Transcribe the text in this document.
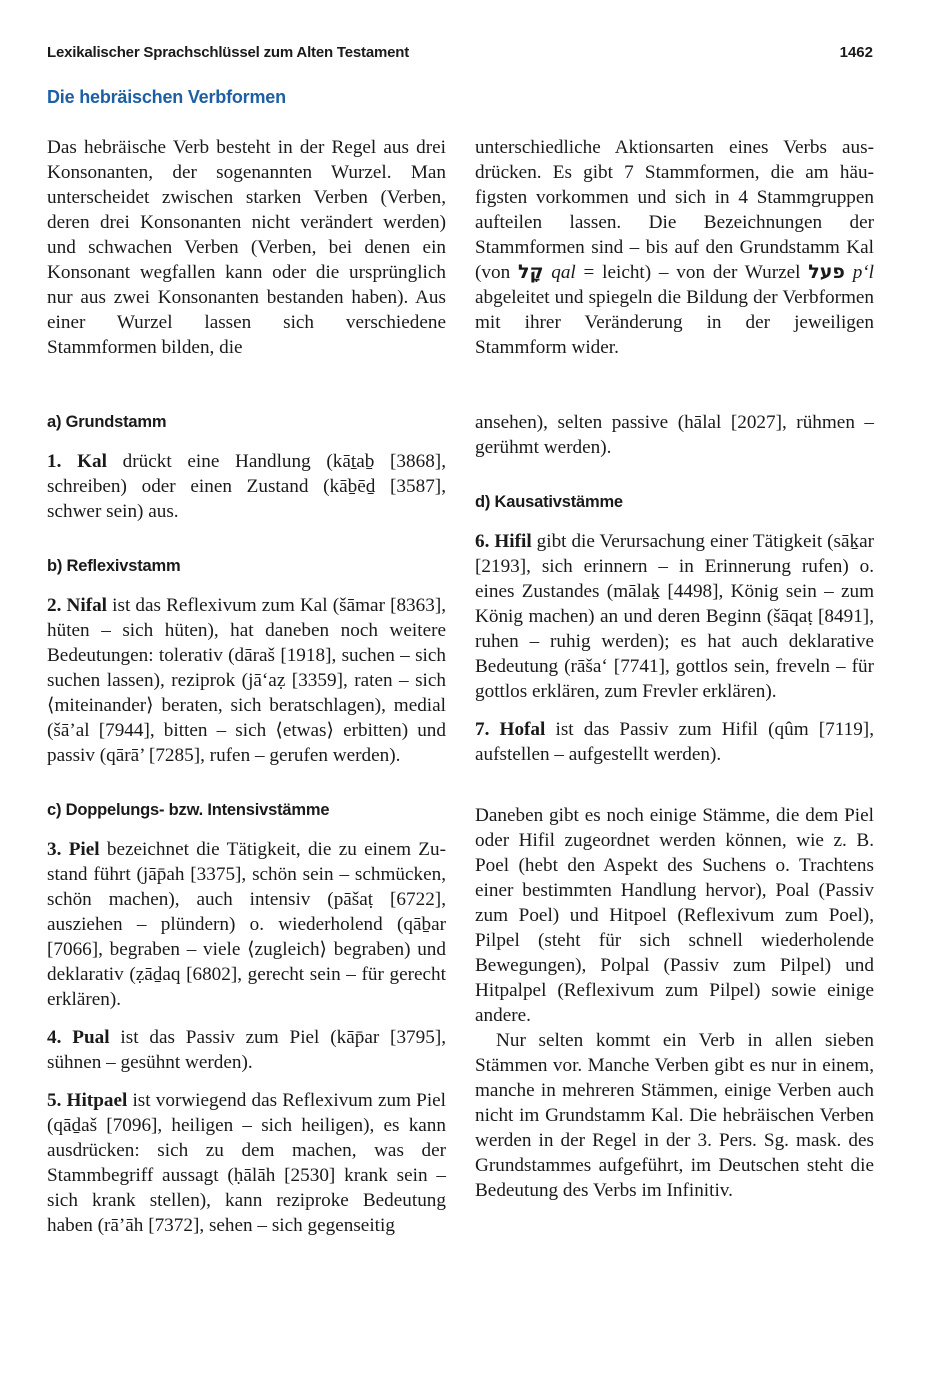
Lexikalischer Sprachschlüssel zum Alten Testament	1462
Die hebräischen Verbformen

Das hebräische Verb besteht in der Regel aus drei Konsonanten, der sogenannten Wurzel. Man unterscheidet zwischen starken Verben (Verben, deren drei Konsonanten nicht verändert werden) und schwachen Verben (Verben, bei denen ein Konsonant wegfallen kann oder die ursprünglich nur aus zwei Konsonanten bestanden haben). Aus einer Wurzel lassen sich verschiedene Stammformen bilden, die

unterschiedliche Aktionsarten eines Verbs ausdrücken. Es gibt 7 Stammformen, die am häufigsten vorkommen und sich in 4 Stammgruppen aufteilen lassen. Die Bezeichnungen der Stammformen sind – bis auf den Grundstamm Kal (von קָל qal = leicht) – von der Wurzel פעל p‘l abgeleitet und spiegeln die Bildung der Verbformen mit ihrer Veränderung in der jeweiligen Stammform wider.

a) Grundstamm

1. Kal drückt eine Handlung (kāṯaḇ [3868], schreiben) oder einen Zustand (kāḇēḏ [3587], schwer sein) aus.

b) Reflexivstamm

2. Nifal ist das Reflexivum zum Kal (šāmar [8363], hüten – sich hüten), hat daneben noch weitere Bedeutungen: tolerativ (dāraš [1918], suchen – sich suchen lassen), reziprok (jā‘aẓ [3359], raten – sich ⟨miteinander⟩ beraten, sich beratschlagen), medial (šā’al [7944], bitten – sich ⟨etwas⟩ erbitten) und passiv (qārā’ [7285], rufen – gerufen werden).

c) Doppelungs- bzw. Intensivstämme

3. Piel bezeichnet die Tätigkeit, die zu einem Zustand führt (jāp̄ah [3375], schön sein – schmücken, schön machen), auch intensiv (pāšaṭ [6722], ausziehen – plündern) o. wiederholend (qāḇar [7066], begraben – viele ⟨zugleich⟩ begraben) und deklarativ (ẓāḏaq [6802], gerecht sein – für gerecht erklären).

4. Pual ist das Passiv zum Piel (kāp̄ar [3795], sühnen – gesühnt werden).

5. Hitpael ist vorwiegend das Reflexivum zum Piel (qāḏaš [7096], heiligen – sich heiligen), es kann ausdrücken: sich zu dem machen, was der Stammbegriff aussagt (ḥālāh [2530] krank sein – sich krank stellen), kann reziproke Bedeutung haben (rā’āh [7372], sehen – sich gegenseitig

ansehen), selten passive (hālal [2027], rühmen – gerühmt werden).

d) Kausativstämme

6. Hifil gibt die Verursachung einer Tätigkeit (sāḵar [2193], sich erinnern – in Erinnerung rufen) o. eines Zustandes (mālaḵ [4498], König sein – zum König machen) an und deren Beginn (šāqaṭ [8491], ruhen – ruhig werden); es hat auch deklarative Bedeutung (rāša‘ [7741], gottlos sein, freveln – für gottlos erklären, zum Frevler erklären).

7. Hofal ist das Passiv zum Hifil (qûm [7119], aufstellen – aufgestellt werden).

Daneben gibt es noch einige Stämme, die dem Piel oder Hifil zugeordnet werden können, wie z. B. Poel (hebt den Aspekt des Suchens o. Trachtens einer bestimmten Handlung hervor), Poal (Passiv zum Poel) und Hitpoel (Reflexivum zum Poel), Pilpel (steht für sich schnell wiederholende Bewegungen), Polpal (Passiv zum Pilpel) und Hitpalpel (Reflexivum zum Pilpel) sowie einige andere.

Nur selten kommt ein Verb in allen sieben Stämmen vor. Manche Verben gibt es nur in einem, manche in mehreren Stämmen, einige Verben auch nicht im Grundstamm Kal. Die hebräischen Verben werden in der Regel in der 3. Pers. Sg. mask. des Grundstammes aufgeführt, im Deutschen steht die Bedeutung des Verbs im Infinitiv.
